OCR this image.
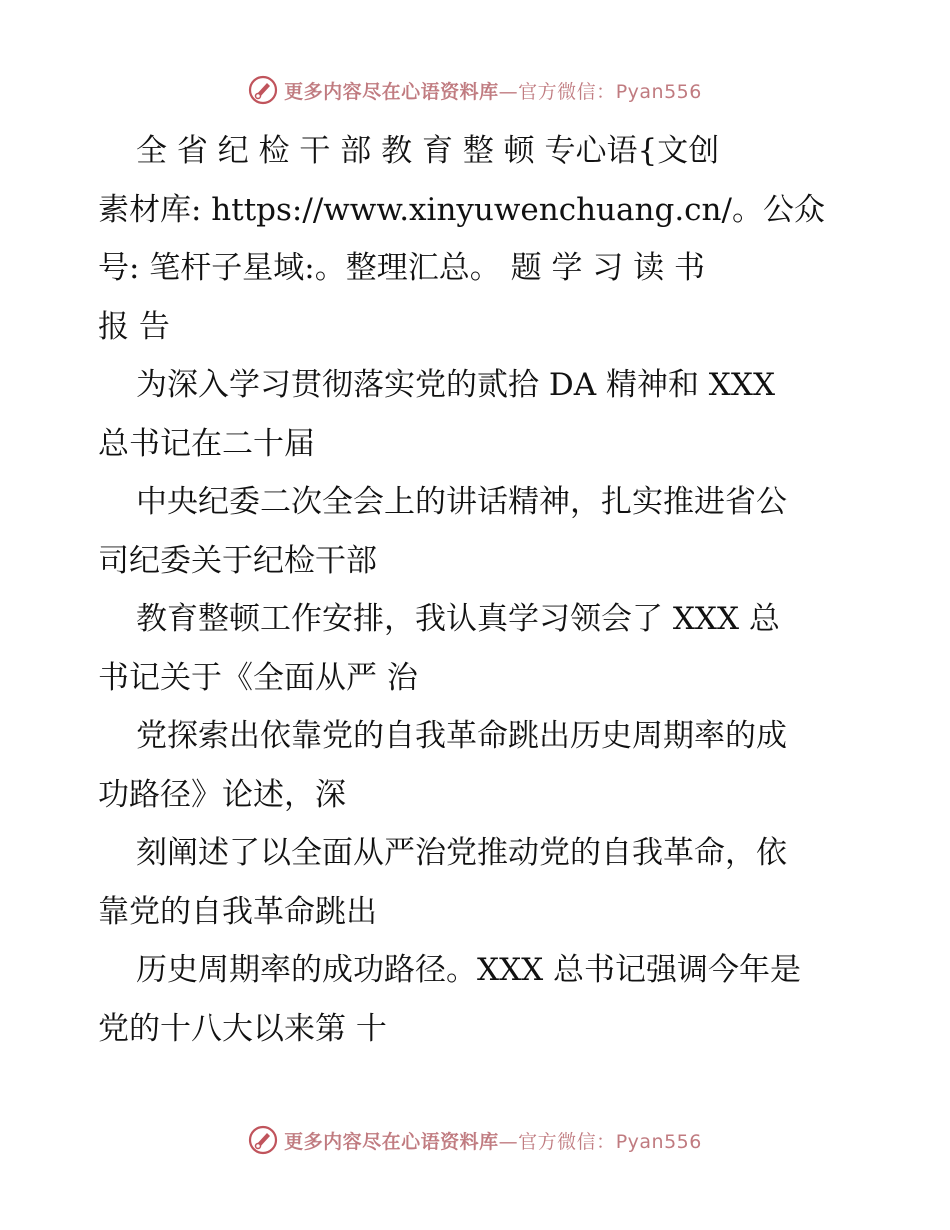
更多内容尽在心语资料库—官方微信：Pyan556
全 省 纪 检 干 部 教 育 整 顿 专心语{文创
素材库: https://www.xinyuwenchuang.cn/。公众
号: 笔杆子星域:。整理汇总。 题 学 习 读 书
报 告
为深入学习贯彻落实党的贰拾 DA 精神和 XXX
总书记在二十届
中央纪委二次全会上的讲话精神，扎实推进省公
司纪委关于纪检干部
教育整顿工作安排，我认真学习领会了 XXX 总
书记关于《全面从严 治
党探索出依靠党的自我革命跳出历史周期率的成
功路径》论述，深
刻阐述了以全面从严治党推动党的自我革命，依
靠党的自我革命跳出
历史周期率的成功路径。XXX 总书记强调今年是
党的十八大以来第 十
更多内容尽在心语资料库—官方微信：Pyan556
